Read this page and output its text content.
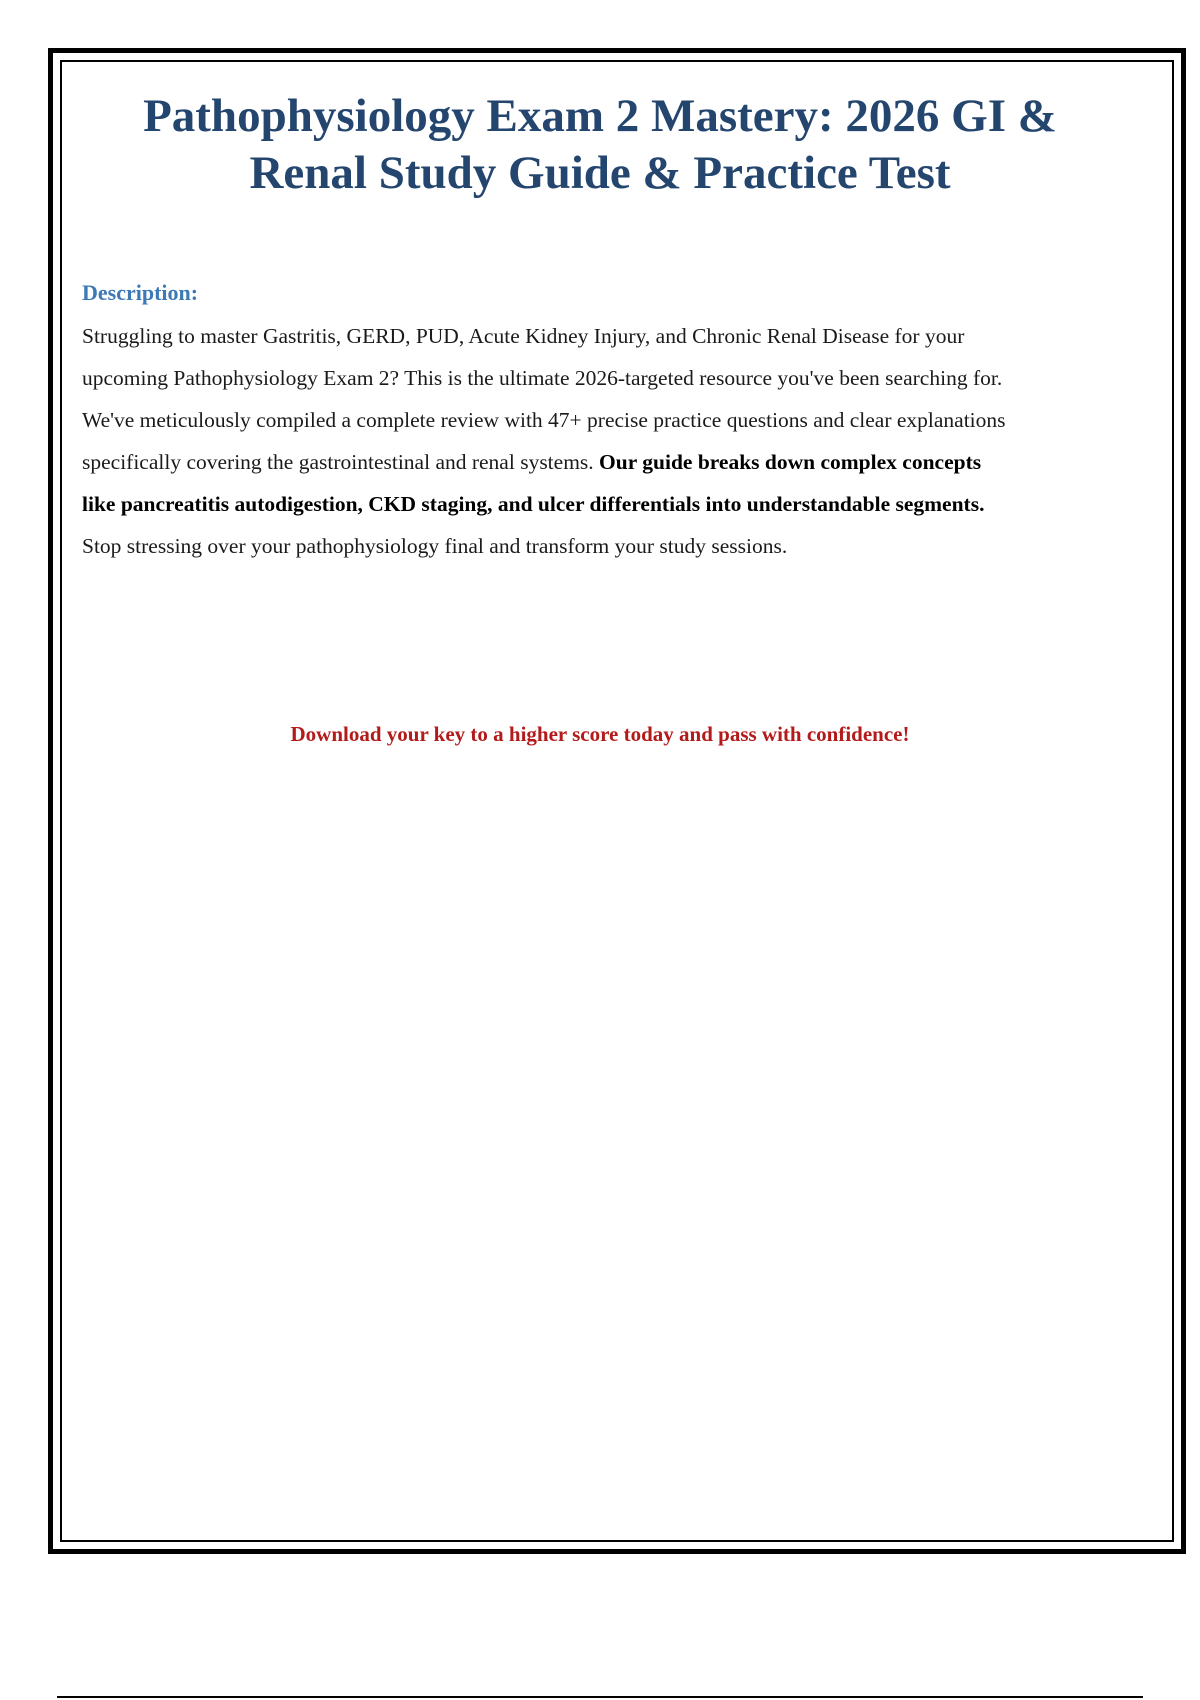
Pathophysiology Exam 2 Mastery: 2026 GI & Renal Study Guide & Practice Test

Description:

Struggling to master Gastritis, GERD, PUD, Acute Kidney Injury, and Chronic Renal Disease for your upcoming Pathophysiology Exam 2? This is the ultimate 2026-targeted resource you've been searching for. We've meticulously compiled a complete review with 47+ precise practice questions and clear explanations specifically covering the gastrointestinal and renal systems. Our guide breaks down complex concepts like pancreatitis autodigestion, CKD staging, and ulcer differentials into understandable segments. Stop stressing over your pathophysiology final and transform your study sessions.

Download your key to a higher score today and pass with confidence!
